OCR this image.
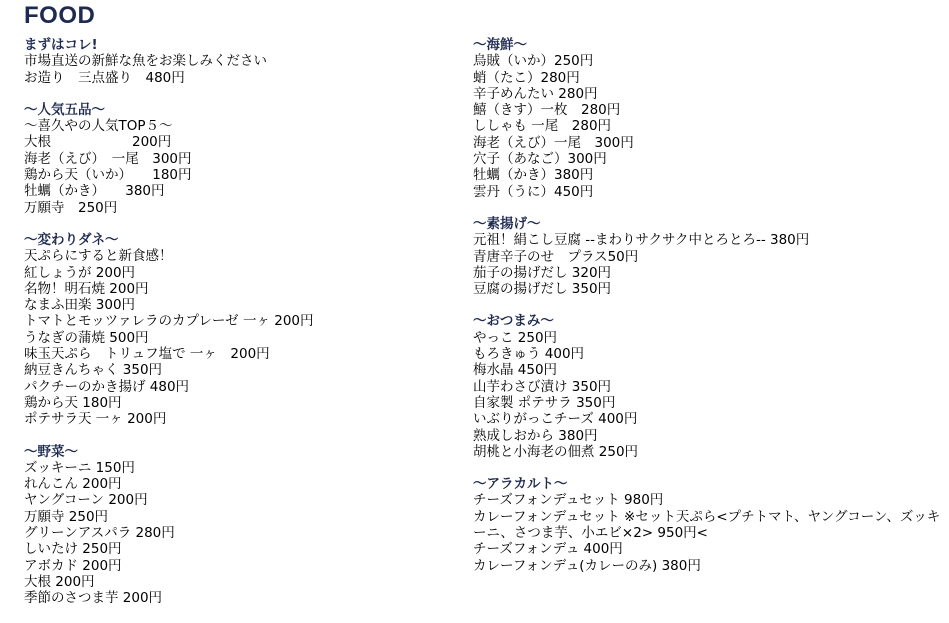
FOOD
まずはコレ!
市場直送の新鮮な魚をお楽しみください
お造り　三点盛り　480円
〜人気五品〜
〜喜久やの人気TOP５〜
大根　　　　　　200円
海老（えび）　一尾　300円
鶏から天（いか）　　180円
牡蠣（かき）　　380円
万願寺　250円
〜変わりダネ〜
天ぷらにすると新食感！
紅しょうが 200円
名物！明石焼 200円
なまふ田楽 300円
トマトとモッツァレラのカプレーゼ 一ヶ 200円
うなぎの蒲焼 500円
味玉天ぷら　トリュフ塩で 一ヶ　200円
納豆きんちゃく 350円
パクチーのかき揚げ 480円
鶏から天 180円
ポテサラ天 一ヶ 200円
〜野菜〜
ズッキーニ 150円
れんこん 200円
ヤングコーン 200円
万願寺 250円
グリーンアスパラ 280円
しいたけ 250円
アボカド 200円
大根 200円
季節のさつま芋 200円
〜海鮮〜
烏賊（いか）250円
蛸（たこ）280円
辛子めんたい 280円
鱚（きす）一枚　280円
ししゃも 一尾　280円
海老（えび）一尾　300円
穴子（あなご）300円
牡蠣（かき）380円
雲丹（うに）450円
〜素揚げ〜
元祖！絹こし豆腐 --まわりサクサク中とろとろ-- 380円
青唐辛子のせ　プラス50円
茄子の揚げだし 320円
豆腐の揚げだし 350円
〜おつまみ〜
やっこ 250円
もろきゅう 400円
梅水晶 450円
山芋わさび漬け 350円
自家製 ポテサラ 350円
いぶりがっこチーズ 400円
熟成しおから 380円
胡桃と小海老の佃煮 250円
〜アラカルト〜
チーズフォンデュセット 980円
カレーフォンデュセット ※セット天ぷら<プチトマト、ヤングコーン、ズッキーニ、さつま芋、小エビ×2> 950円<
チーズフォンデュ 400円
カレーフォンデュ(カレーのみ) 380円
